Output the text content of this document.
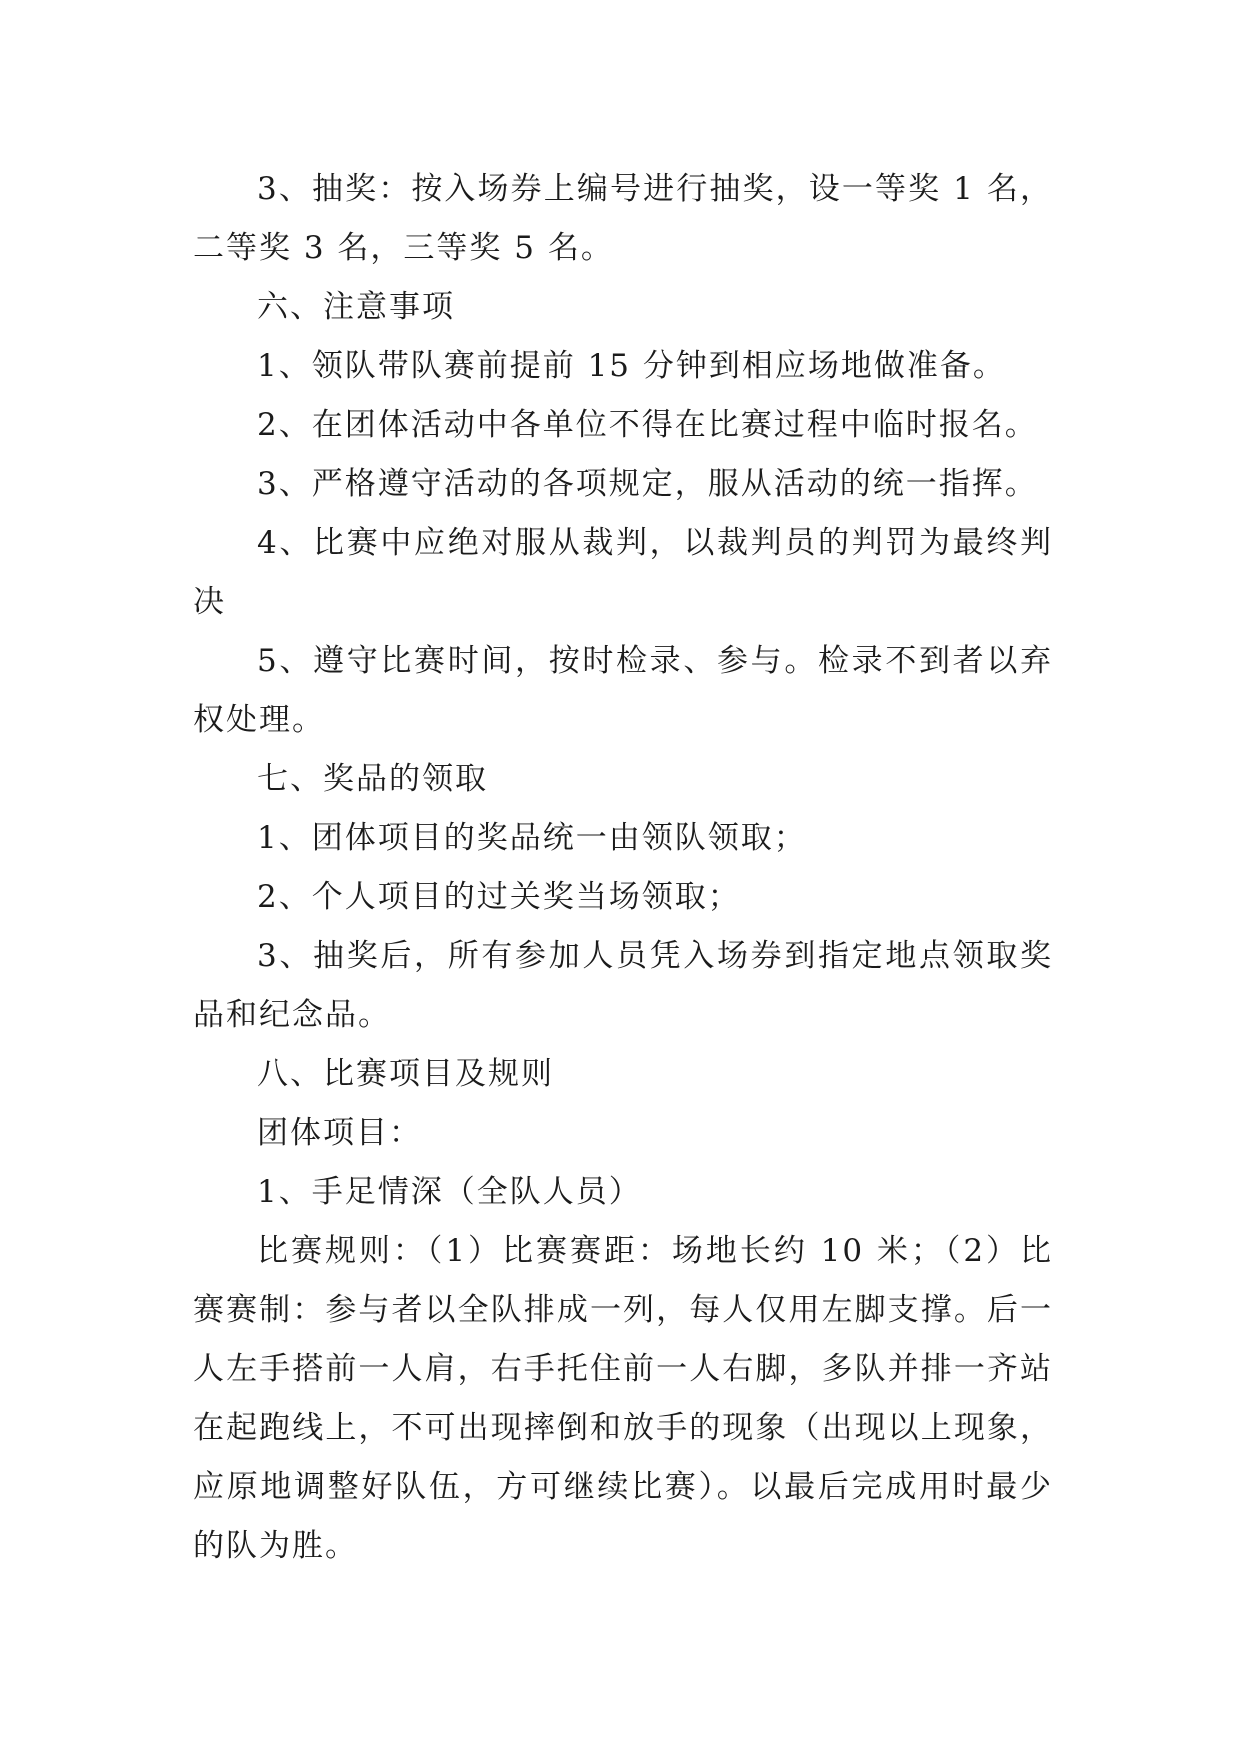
3、抽奖：按入场券上编号进行抽奖，设一等奖 1 名，二等奖 3 名，三等奖 5 名。

六、注意事项

1、领队带队赛前提前 15 分钟到相应场地做准备。

2、在团体活动中各单位不得在比赛过程中临时报名。

3、严格遵守活动的各项规定，服从活动的统一指挥。

4、比赛中应绝对服从裁判，以裁判员的判罚为最终判决

5、遵守比赛时间，按时检录、参与。检录不到者以弃权处理。

七、奖品的领取

1、团体项目的奖品统一由领队领取；

2、个人项目的过关奖当场领取；

3、抽奖后，所有参加人员凭入场券到指定地点领取奖品和纪念品。

八、比赛项目及规则

团体项目：

1、手足情深（全队人员）

比赛规则：（1）比赛赛距：场地长约 10 米；（2）比赛赛制：参与者以全队排成一列，每人仅用左脚支撑。后一人左手搭前一人肩，右手托住前一人右脚，多队并排一齐站在起跑线上，不可出现摔倒和放手的现象（出现以上现象，应原地调整好队伍，方可继续比赛）。以最后完成用时最少的队为胜。
